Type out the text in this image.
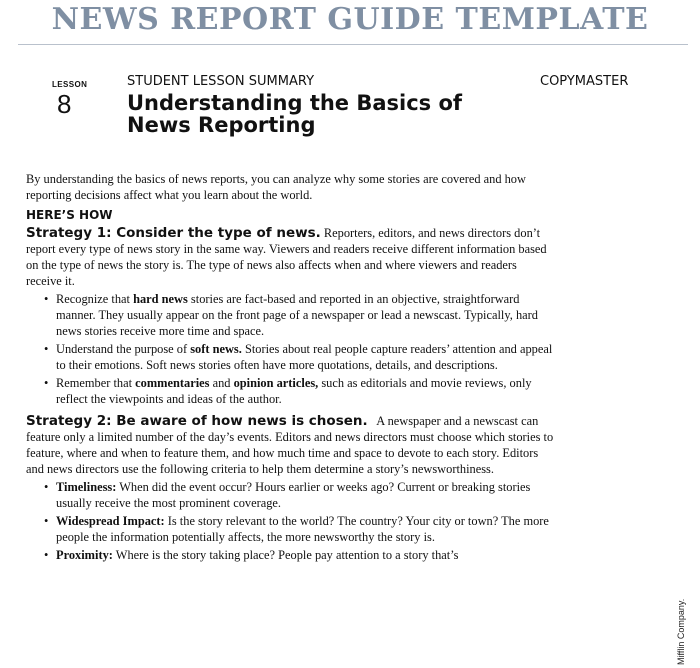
NEWS REPORT GUIDE TEMPLATE
LESSON
8
STUDENT LESSON SUMMARY	COPYMASTER
Understanding the Basics of
News Reporting

By understanding the basics of news reports, you can analyze why some stories are covered and how reporting decisions affect what you learn about the world.

HERE’S HOW

Strategy 1: Consider the type of news. Reporters, editors, and news directors don’t report every type of news story in the same way. Viewers and readers receive different information based on the type of news the story is. The type of news also affects when and where viewers and readers receive it.

• Recognize that hard news stories are fact-based and reported in an objective, straightforward manner. They usually appear on the front page of a newspaper or lead a newscast. Typically, hard news stories receive more time and space.
• Understand the purpose of soft news. Stories about real people capture readers’ attention and appeal to their emotions. Soft news stories often have more quotations, details, and descriptions.
• Remember that commentaries and opinion articles, such as editorials and movie reviews, only reflect the viewpoints and ideas of the author.

Strategy 2: Be aware of how news is chosen.   A newspaper and a newscast can feature only a limited number of the day’s events. Editors and news directors must choose which stories to feature, where and when to feature them, and how much time and space to devote to each story. Editors and news directors use the following criteria to help them determine a story’s newsworthiness.

• Timeliness: When did the event occur? Hours earlier or weeks ago? Current or breaking stories usually receive the most prominent coverage.
• Widespread Impact: Is the story relevant to the world? The country? Your city or town? The more people the information potentially affects, the more newsworthy the story is.
• Proximity: Where is the story taking place? People pay attention to a story that’s
Mifflin Company.
